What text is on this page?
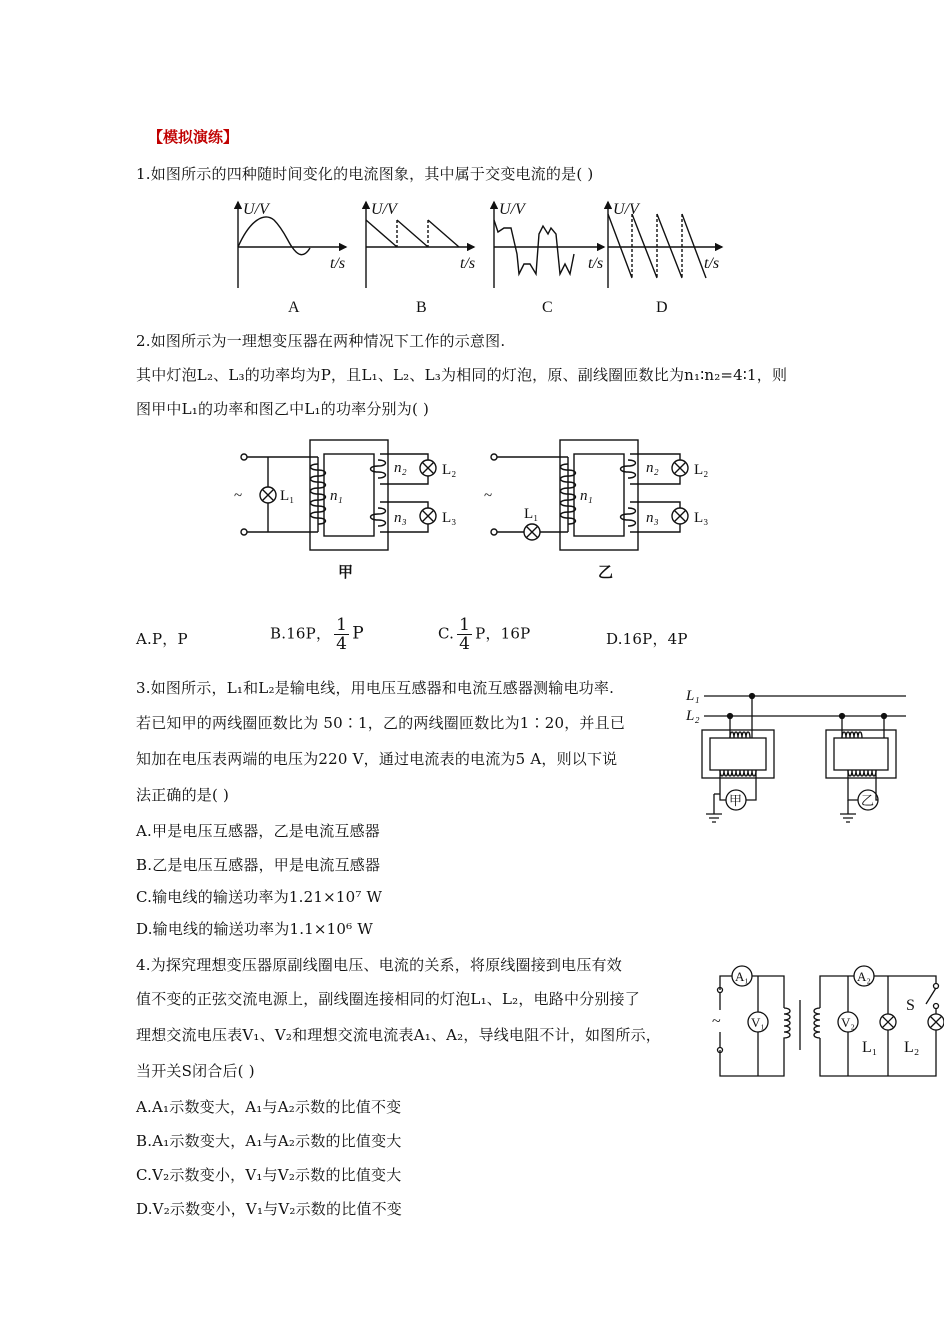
【模拟演练】
1.如图所示的四种随时间变化的电流图象，其中属于交变电流的是( )
U/V	U/V	U/V	U/V
t/s	t/s	t/s	t/s
A	B	C	D
2.如图所示为一理想变压器在两种情况下工作的示意图.
其中灯泡L₂、L₃的功率均为P，且L₁、L₂、L₃为相同的灯泡，原、副线圈匝数比为n₁∶n₂=4∶1，则
图甲中L₁的功率和图乙中L₁的功率分别为( )
~	L₁ n₁
n₂
n₃
L₂
L₃
甲
~
L₁
n₁
n₂
n₃
L₂
L₃
乙
A.P，P	B.16P， $\frac{1}{4}$ P	C. $\frac{1}{4}$ P，16P	D.16P，4P
3.如图所示，L₁和L₂是输电线，用电压互感器和电流互感器测输电功率.
若已知甲的两线圈匝数比为 50∶1，乙的两线圈匝数比为1∶20，并且已
知加在电压表两端的电压为220 V，通过电流表的电流为5 A，则以下说
法正确的是( )
A.甲是电压互感器，乙是电流互感器
B.乙是电压互感器，甲是电流互感器
C.输电线的输送功率为1.21×10⁷ W
D.输电线的输送功率为1.1×10⁶ W
L₁
L₂
甲	乙
4.为探究理想变压器原副线圈电压、电流的关系，将原线圈接到电压有效
值不变的正弦交流电源上，副线圈连接相同的灯泡L₁、L₂，电路中分别接了
理想交流电压表V₁、V₂和理想交流电流表A₁、A₂，导线电阻不计，如图所示，
当开关S闭合后( )
A.A₁示数变大，A₁与A₂示数的比值不变
B.A₁示数变大，A₁与A₂示数的比值变大
C.V₂示数变小，V₁与V₂示数的比值变大
D.V₂示数变小，V₁与V₂示数的比值不变
A₁
V₁
A₂
V₂
~
S
L₁ L₂
